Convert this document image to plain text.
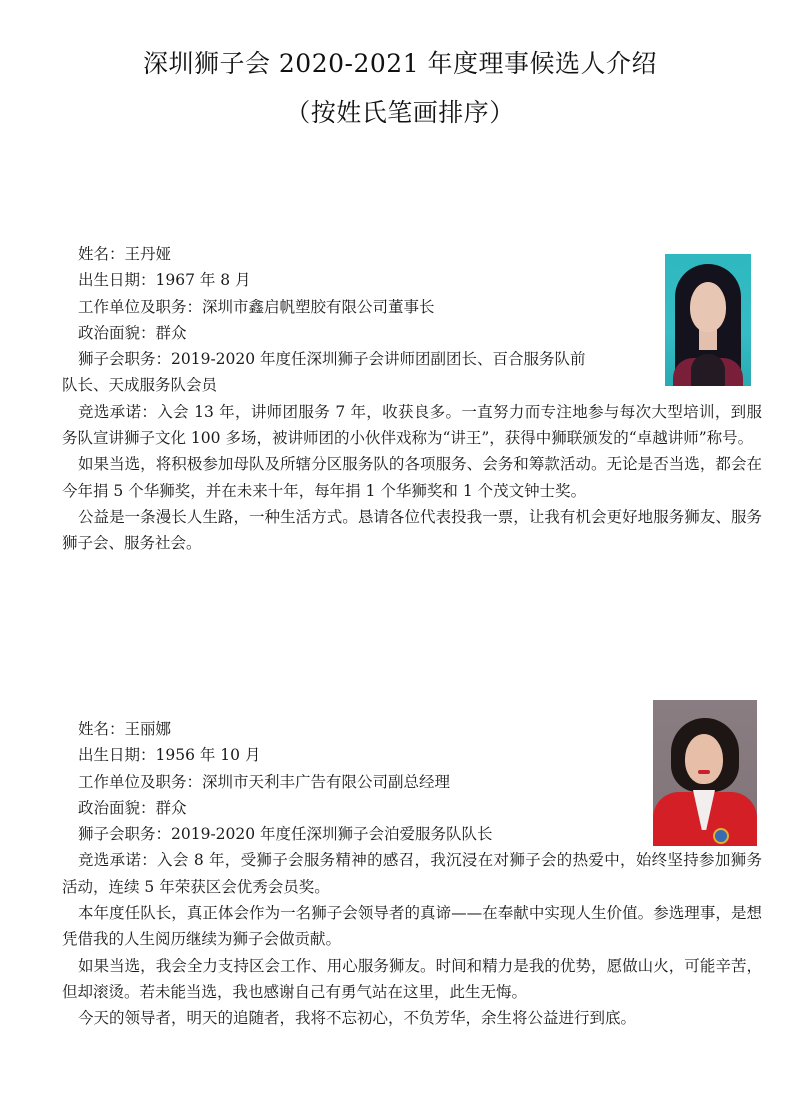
深圳狮子会 2020-2021 年度理事候选人介绍
（按姓氏笔画排序）
姓名：王丹娅
出生日期：1967 年 8 月
工作单位及职务：深圳市鑫启帆塑胶有限公司董事长
政治面貌：群众
狮子会职务：2019-2020 年度任深圳狮子会讲师团副团长、百合服务队前
队长、天成服务队会员

竞选承诺：入会 13 年，讲师团服务 7 年，收获良多。一直努力而专注地参与每次大型培训，到服务队宣讲狮子文化 100 多场，被讲师团的小伙伴戏称为“讲王”，获得中狮联颁发的“卓越讲师”称号。

如果当选，将积极参加母队及所辖分区服务队的各项服务、会务和筹款活动。无论是否当选，都会在今年捐 5 个华狮奖，并在未来十年，每年捐 1 个华狮奖和 1 个茂文钟士奖。

公益是一条漫长人生路，一种生活方式。恳请各位代表投我一票，让我有机会更好地服务狮友、服务狮子会、服务社会。

姓名：王丽娜
出生日期：1956 年 10 月
工作单位及职务：深圳市天利丰广告有限公司副总经理
政治面貌：群众
狮子会职务：2019-2020 年度任深圳狮子会泊爱服务队队长

竞选承诺：入会 8 年，受狮子会服务精神的感召，我沉浸在对狮子会的热爱中，始终坚持参加狮务活动，连续 5 年荣获区会优秀会员奖。

本年度任队长，真正体会作为一名狮子会领导者的真谛——在奉献中实现人生价值。参选理事，是想凭借我的人生阅历继续为狮子会做贡献。

如果当选，我会全力支持区会工作、用心服务狮友。时间和精力是我的优势，愿做山火，可能辛苦，但却滚烫。若未能当选，我也感谢自己有勇气站在这里，此生无悔。

今天的领导者，明天的追随者，我将不忘初心，不负芳华，余生将公益进行到底。
